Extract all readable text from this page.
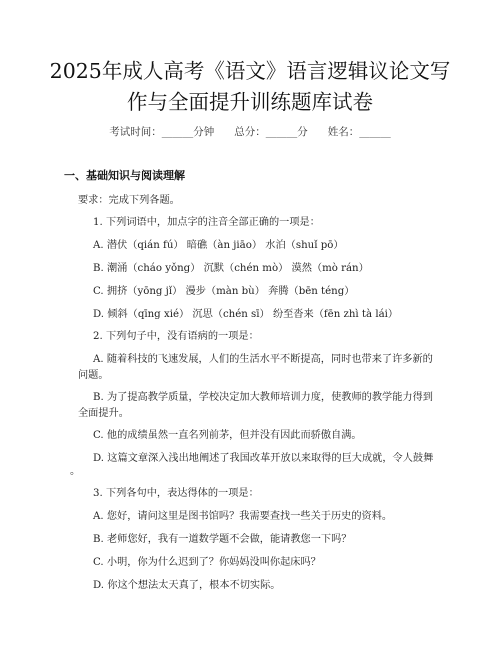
2025年成人高考《语文》语言逻辑议论文写
作与全面提升训练题库试卷
考试时间：______分钟 总分：______分 姓名：______
一、基础知识与阅读理解
要求：完成下列各题。
1. 下列词语中，加点字的注音全部正确的一项是：
A. 潜伏（qián fú） 暗礁（àn jiāo） 水泊（shuǐ pō）
B. 潮涌（cháo yǒng） 沉默（chén mò） 漠然（mò rán）
C. 拥挤（yōng jǐ） 漫步（màn bù） 奔腾（bēn téng）
D. 倾斜（qīng xié） 沉思（chén sī） 纷至沓来（fēn zhì tà lái）
2. 下列句子中，没有语病的一项是：
A. 随着科技的飞速发展，人们的生活水平不断提高，同时也带来了许多新的
问题。
B. 为了提高教学质量，学校决定加大教师培训力度，使教师的教学能力得到
全面提升。
C. 他的成绩虽然一直名列前茅，但并没有因此而骄傲自满。
D. 这篇文章深入浅出地阐述了我国改革开放以来取得的巨大成就，令人鼓舞
。
3. 下列各句中，表达得体的一项是：
A. 您好，请问这里是图书馆吗？我需要查找一些关于历史的资料。
B. 老师您好，我有一道数学题不会做，能请教您一下吗？
C. 小明，你为什么迟到了？你妈妈没叫你起床吗？
D. 你这个想法太天真了，根本不切实际。
